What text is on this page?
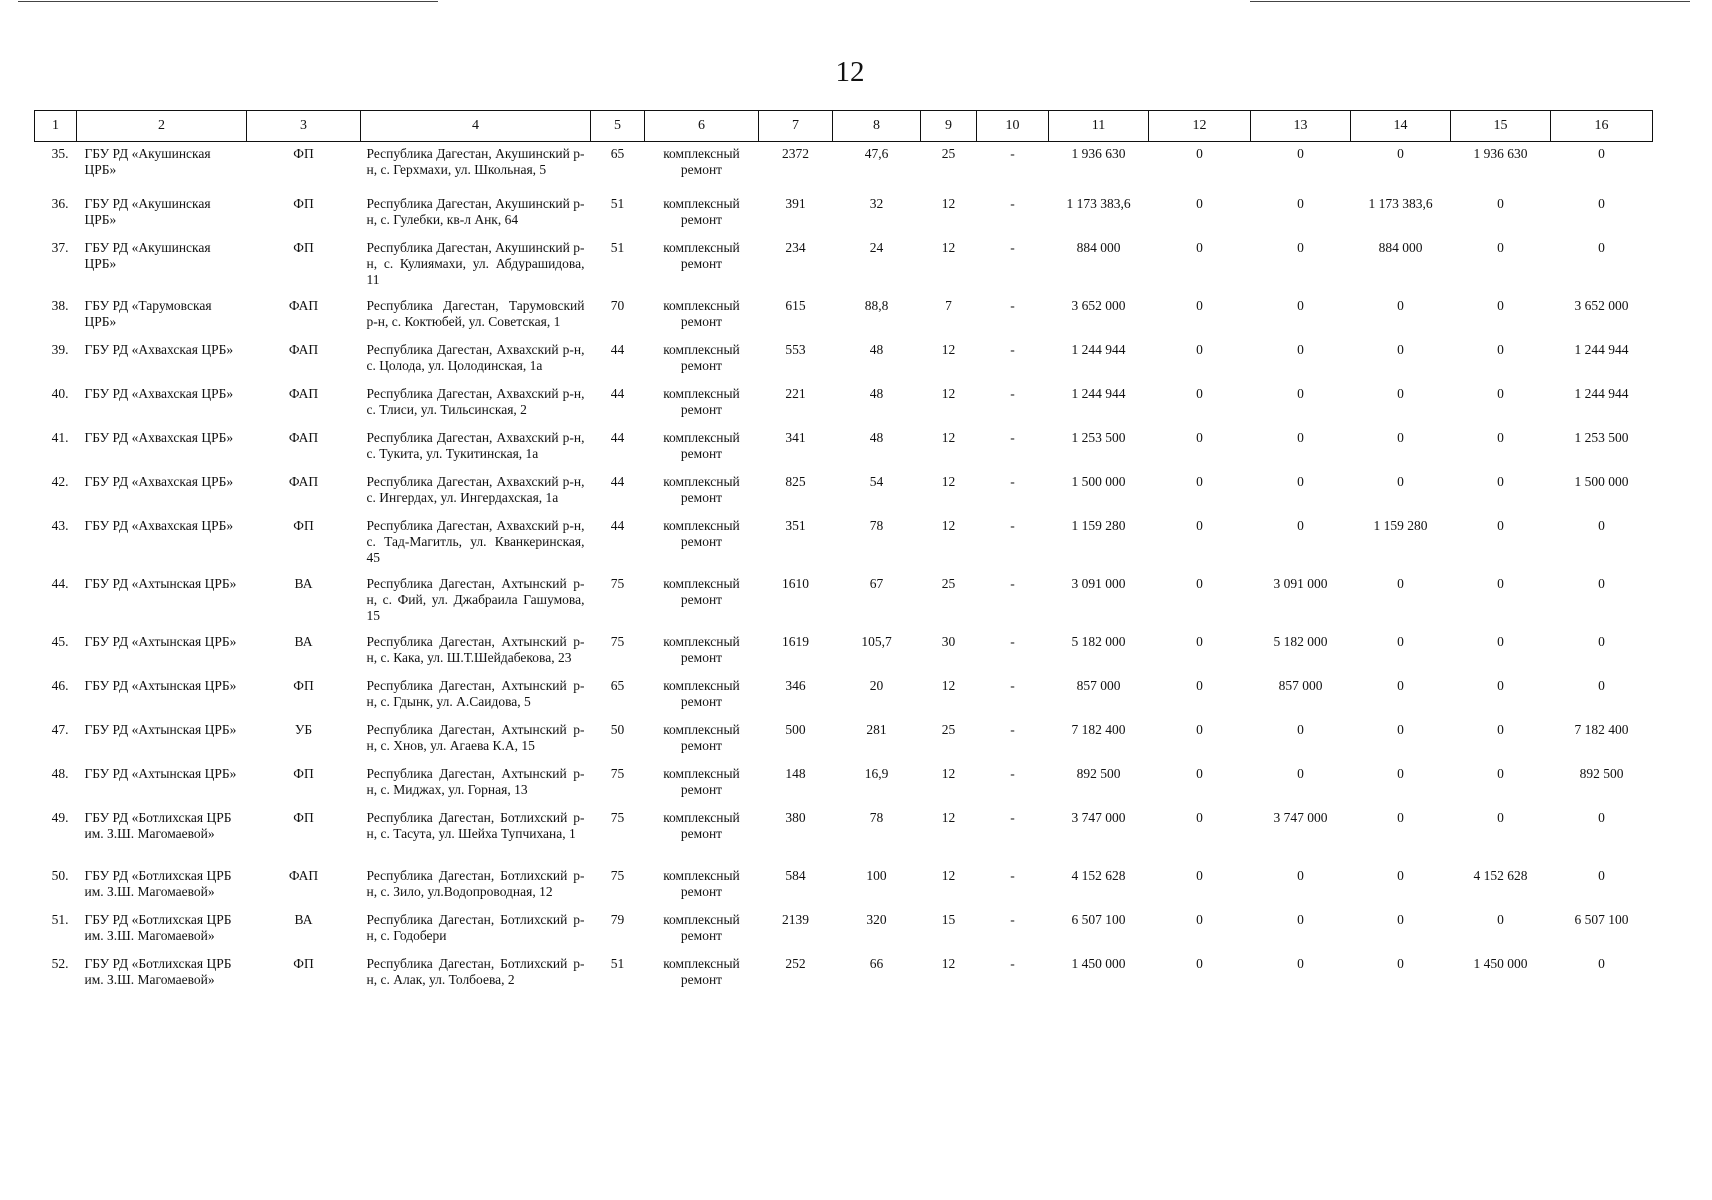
12
1	2	3	4	5	6	7	8	9	10	11	12	13	14	15	16
35.	ГБУ РД «Акушинская ЦРБ»	ФП	Республика Дагестан, Акушинский р-н, с. Герхмахи, ул. Школьная, 5	65	комплексный ремонт	2372	47,6	25	-	1 936 630	0	0	0	1 936 630	0
36.	ГБУ РД «Акушинская ЦРБ»	ФП	Республика Дагестан, Акушинский р-н, с. Гулебки, кв-л Анк, 64	51	комплексный ремонт	391	32	12	-	1 173 383,6	0	0	1 173 383,6	0	0
37.	ГБУ РД «Акушинская ЦРБ»	ФП	Республика Дагестан, Акушинский р-н, с. Кулиямахи, ул. Абдурашидова, 11	51	комплексный ремонт	234	24	12	-	884 000	0	0	884 000	0	0
38.	ГБУ РД «Тарумовская ЦРБ»	ФАП	Республика Дагестан, Тарумовский р-н, с. Коктюбей, ул. Советская, 1	70	комплексный ремонт	615	88,8	7	-	3 652 000	0	0	0	0	3 652 000
39.	ГБУ РД «Ахвахская ЦРБ»	ФАП	Республика Дагестан, Ахвахский р-н, с. Цолода, ул. Цолодинская, 1а	44	комплексный ремонт	553	48	12	-	1 244 944	0	0	0	0	1 244 944
40.	ГБУ РД «Ахвахская ЦРБ»	ФАП	Республика Дагестан, Ахвахский р-н, с. Тлиси, ул. Тильсинская, 2	44	комплексный ремонт	221	48	12	-	1 244 944	0	0	0	0	1 244 944
41.	ГБУ РД «Ахвахская ЦРБ»	ФАП	Республика Дагестан, Ахвахский р-н, с. Тукита, ул. Тукитинская, 1а	44	комплексный ремонт	341	48	12	-	1 253 500	0	0	0	0	1 253 500
42.	ГБУ РД «Ахвахская ЦРБ»	ФАП	Республика Дагестан, Ахвахский р-н, с. Ингердах, ул. Ингердахская, 1а	44	комплексный ремонт	825	54	12	-	1 500 000	0	0	0	0	1 500 000
43.	ГБУ РД «Ахвахская ЦРБ»	ФП	Республика Дагестан, Ахвахский р-н, с. Тад-Магитль, ул. Кванкеринская, 45	44	комплексный ремонт	351	78	12	-	1 159 280	0	0	1 159 280	0	0
44.	ГБУ РД «Ахтынская ЦРБ»	ВА	Республика Дагестан, Ахтынский р-н, с. Фий, ул. Джабраила Гашумова, 15	75	комплексный ремонт	1610	67	25	-	3 091 000	0	3 091 000	0	0	0
45.	ГБУ РД «Ахтынская ЦРБ»	ВА	Республика Дагестан, Ахтынский р-н, с. Кака, ул. Ш.Т.Шейдабекова, 23	75	комплексный ремонт	1619	105,7	30	-	5 182 000	0	5 182 000	0	0	0
46.	ГБУ РД «Ахтынская ЦРБ»	ФП	Республика Дагестан, Ахтынский р-н, с. Гдынк, ул. А.Саидова, 5	65	комплексный ремонт	346	20	12	-	857 000	0	857 000	0	0	0
47.	ГБУ РД «Ахтынская ЦРБ»	УБ	Республика Дагестан, Ахтынский р-н, с. Хнов, ул. Агаева К.А, 15	50	комплексный ремонт	500	281	25	-	7 182 400	0	0	0	0	7 182 400
48.	ГБУ РД «Ахтынская ЦРБ»	ФП	Республика Дагестан, Ахтынский р-н, с. Миджах, ул. Горная, 13	75	комплексный ремонт	148	16,9	12	-	892 500	0	0	0	0	892 500
49.	ГБУ РД «Ботлихская ЦРБ им. З.Ш. Магомаевой»	ФП	Республика Дагестан, Ботлихский р-н, с. Тасута, ул. Шейха Тупчихана, 1	75	комплексный ремонт	380	78	12	-	3 747 000	0	3 747 000	0	0	0
50.	ГБУ РД «Ботлихская ЦРБ им. З.Ш. Магомаевой»	ФАП	Республика Дагестан, Ботлихский р-н, с. Зило, ул.Водопроводная, 12	75	комплексный ремонт	584	100	12	-	4 152 628	0	0	0	4 152 628	0
51.	ГБУ РД «Ботлихская ЦРБ им. З.Ш. Магомаевой»	ВА	Республика Дагестан, Ботлихский р-н, с. Годобери	79	комплексный ремонт	2139	320	15	-	6 507 100	0	0	0	0	6 507 100
52.	ГБУ РД «Ботлихская ЦРБ им. З.Ш. Магомаевой»	ФП	Республика Дагестан, Ботлихский р-н, с. Алак, ул. Толбоева, 2	51	комплексный ремонт	252	66	12	-	1 450 000	0	0	0	1 450 000	0
